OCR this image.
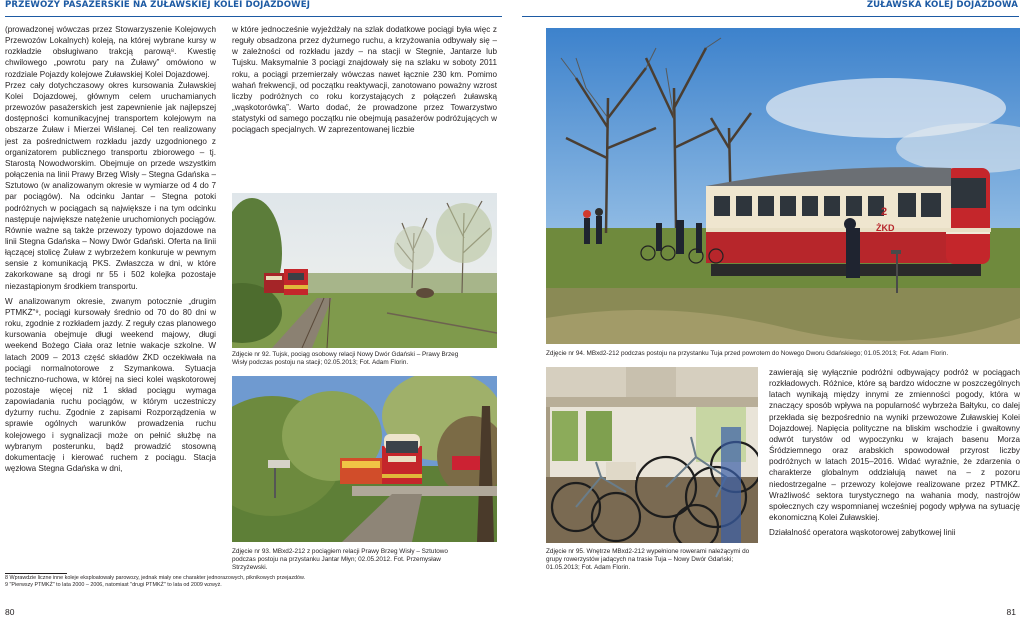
PRZEWOZY PASAŻERSKIE NA ŻUŁAWSKIEJ KOLEI DOJAZDOWEJ	ŻUŁAWSKA KOLEJ DOJAZDOWA

(prowadzonej wówczas przez Stowarzyszenie Kolejowych Przewozów Lokalnych) koleją, na której wybrane kursy w rozkładzie obsługiwano trakcją parową⁸. Kwestię chwilowego „powrotu pary na Żuławy” omówiono w rozdziale Pojazdy kolejowe Żuławskiej Kolei Dojazdowej.

Przez cały dotychczasowy okres kursowania Żuławskiej Kolei Dojazdowej, głównym celem uruchamianych przewozów pasażerskich jest zapewnienie jak najlepszej dostępności komunikacyjnej transportem kolejowym na obszarze Żuław i Mierzei Wiślanej. Cel ten realizowany jest za pośrednictwem rozkładu jazdy uzgodnionego z organizatorem publicznego transportu zbiorowego – tj. Starostą Nowodworskim. Obejmuje on przede wszystkim połączenia na linii Prawy Brzeg Wisły – Stegna Gdańska – Sztutowo (w analizowanym okresie w wymiarze od 4 do 7 par pociągów). Na odcinku Jantar – Stegna potoki podróżnych w pociągach są największe i na tym odcinku następuje największe natężenie uruchomionych pociągów. Równie ważne są także przewozy typowo dojazdowe na linii Stegna Gdańska – Nowy Dwór Gdański. Oferta na linii łączącej stolicę Żuław z wybrzeżem konkuruje w pewnym sensie z komunikacją PKS. Zwłaszcza w dni, w które zakorkowane są drogi nr 55 i 502 kolejka pozostaje niezastąpionym środkiem transportu.

W analizowanym okresie, zwanym potocznie „drugim PTMKŻ”⁹, pociągi kursowały średnio od 70 do 80 dni w roku, zgodnie z rozkładem jazdy. Z reguły czas planowego kursowania obejmuje długi weekend majowy, długi weekend Bożego Ciała oraz letnie wakacje szkolne. W latach 2009 – 2013 część składów ŻKD oczekiwała na pociągi normalnotorowe z Szymankowa. Sytuacja techniczno-ruchowa, w której na sieci kolei wąskotorowej pozostaje więcej niż 1 skład pociągu wymaga zapowiadania ruchu pociągów, w którym uczestniczy dyżurny ruchu. Zgodnie z zapisami Rozporządzenia w sprawie ogólnych warunków prowadzenia ruchu kolejowego i sygnalizacji może on pełnić służbę na wybranym posterunku, bądź prowadzić stosowną dokumentację i kierować ruchem z pociągu. Stacja węzłowa Stegna Gdańska w dni,

w które jednocześnie wyjeżdżały na szlak dodatkowe pociągi była więc z reguły obsadzona przez dyżurnego ruchu, a krzyżowania odbywały się – w zależności od rozkładu jazdy – na stacji w Stegnie, Jantarze lub Tujsku. Maksymalnie 3 pociągi znajdowały się na szlaku w soboty 2011 roku, a pociągi przemierzały wówczas nawet łącznie 230 km. Pomimo wahań frekwencji, od początku reaktywacji, zanotowano poważny wzrost liczby podróżnych co roku korzystających z połączeń żuławską „wąskotorówką”. Warto dodać, że prowadzone przez Towarzystwo statystyki od samego początku nie obejmują pasażerów podróżujących w pociągach specjalnych. W zaprezentowanej liczbie

Zdjęcie nr 92. Tujsk, pociąg osobowy relacji Nowy Dwór Gdański – Prawy Brzeg Wisły podczas postoju na stacji; 02.05.2013; Fot. Adam Florin.
Zdjęcie nr 93. MBxd2-212 z pociągiem relacji Prawy Brzeg Wisły – Sztutowo podczas postoju na przystanku Jantar Młyn; 02.05.2012. Fot. Przemysław Strzyżewski.
8 Wprawdzie liczne inne koleje eksploatowały parowozy, jednak miały one charakter jednorazowych, piknikowych przejazdów.
9 "Pierwszy PTMKŻ" to lata 2000 – 2006, natomiast "drugi PTMKŻ" to lata od 2009 wzwyż.
ŻKD
2
Zdjęcie nr 94. MBxd2-212 podczas postoju na przystanku Tuja przed powrotem do Nowego Dworu Gdańskiego; 01.05.2013; Fot. Adam Florin.
Zdjęcie nr 95. Wnętrze MBxd2-212 wypełnione rowerami należącymi do grupy rowerzystów jadących na trasie Tuja – Nowy Dwór Gdański; 01.05.2013; Fot. Adam Florin.

zawierają się wyłącznie podróżni odbywający podróż w pociągach rozkładowych. Różnice, które są bardzo widoczne w poszczególnych latach wynikają między innymi ze zmienności pogody, która w znaczący sposób wpływa na popularność wybrzeża Bałtyku, co dalej przekłada się bezpośrednio na wyniki przewozowe Żuławskiej Kolei Dojazdowej. Napięcia polityczne na bliskim wschodzie i gwałtowny odwrót turystów od wypoczynku w krajach basenu Morza Śródziemnego oraz arabskich spowodował przyrost liczby podróżnych w latach 2015–2016. Widać wyraźnie, że zdarzenia o charakterze globalnym oddziałują nawet na – z pozoru niedostrzegalne – przewozy kolejowe realizowane przez PTMKŻ. Wrażliwość sektora turystycznego na wahania mody, nastrojów społecznych czy wspomnianej wcześniej pogody wpływa na sytuację ekonomiczną Kolei Żuławskiej.

Działalność operatora wąskotorowej zabytkowej linii

80	81
